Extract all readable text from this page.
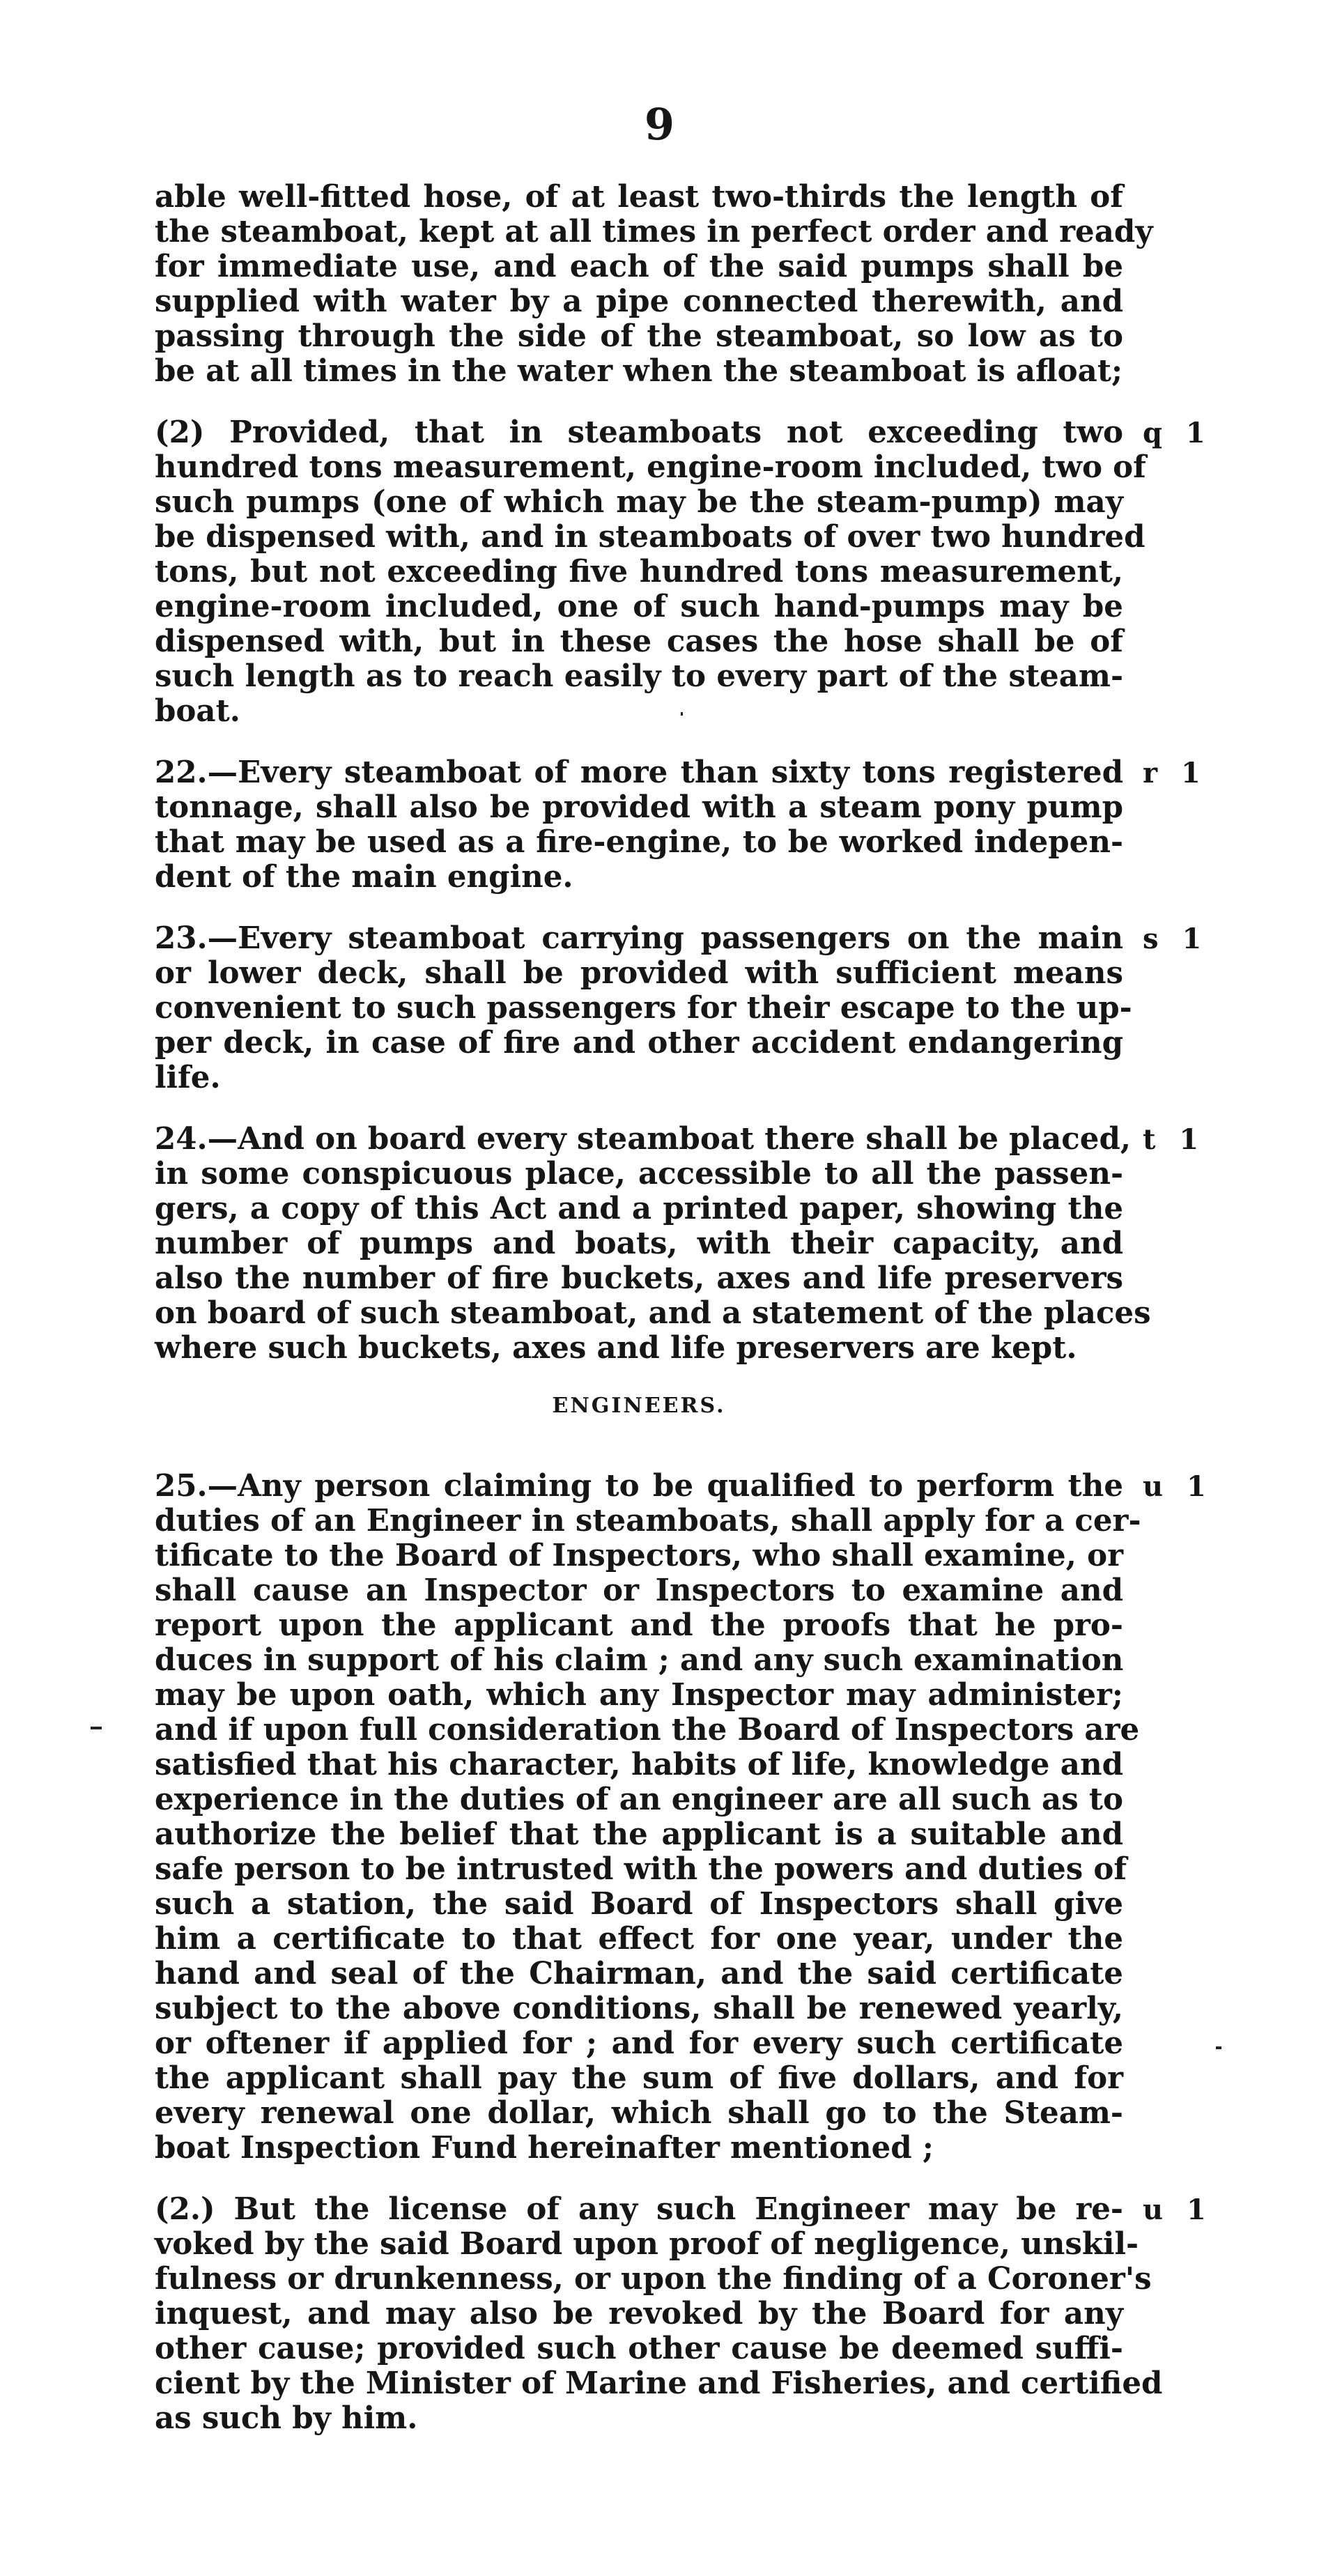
9

able well-fitted hose, of at least two-thirds the length of
the steamboat, kept at all times in perfect order and ready
for immediate use, and each of the said pumps shall be
supplied with water by a pipe connected therewith, and
passing through the side of the steamboat, so low as to
be at all times in the water when the steamboat is afloat;

(2) Provided, that in steamboats not exceeding two
hundred tons measurement, engine-room included, two of
such pumps (one of which may be the steam-pump) may
be dispensed with, and in steamboats of over two hundred
tons, but not exceeding five hundred tons measurement,
engine-room included, one of such hand-pumps may be
dispensed with, but in these cases the hose shall be of
such length as to reach easily to every part of the steam-
boat.

22.—Every steamboat of more than sixty tons registered
tonnage, shall also be provided with a steam pony pump
that may be used as a fire-engine, to be worked indepen-
dent of the main engine.

23.—Every steamboat carrying passengers on the main
or lower deck, shall be provided with sufficient means
convenient to such passengers for their escape to the up-
per deck, in case of fire and other accident endangering
life.

24.—And on board every steamboat there shall be placed,
in some conspicuous place, accessible to all the passen-
gers, a copy of this Act and a printed paper, showing the
number of pumps and boats, with their capacity, and
also the number of fire buckets, axes and life preservers
on board of such steamboat, and a statement of the places
where such buckets, axes and life preservers are kept.

ENGINEERS.

25.—Any person claiming to be qualified to perform the
duties of an Engineer in steamboats, shall apply for a cer-
tificate to the Board of Inspectors, who shall examine, or
shall cause an Inspector or Inspectors to examine and
report upon the applicant and the proofs that he pro-
duces in support of his claim ; and any such examination
may be upon oath, which any Inspector may administer;
and if upon full consideration the Board of Inspectors are
satisfied that his character, habits of life, knowledge and
experience in the duties of an engineer are all such as to
authorize the belief that the applicant is a suitable and
safe person to be intrusted with the powers and duties of
such a station, the said Board of Inspectors shall give
him a certificate to that effect for one year, under the
hand and seal of the Chairman, and the said certificate
subject to the above conditions, shall be renewed yearly,
or oftener if applied for ; and for every such certificate
the applicant shall pay the sum of five dollars, and for
every renewal one dollar, which shall go to the Steam-
boat Inspection Fund hereinafter mentioned ;

(2.) But the license of any such Engineer may be re-
voked by the said Board upon proof of negligence, unskil-
fulness or drunkenness, or upon the finding of a Coroner's
inquest, and may also be revoked by the Board for any
other cause; provided such other cause be deemed suffi-
cient by the Minister of Marine and Fisheries, and certified
as such by him.

q 1
r 1
s 1
t 1
u 1
u 1
